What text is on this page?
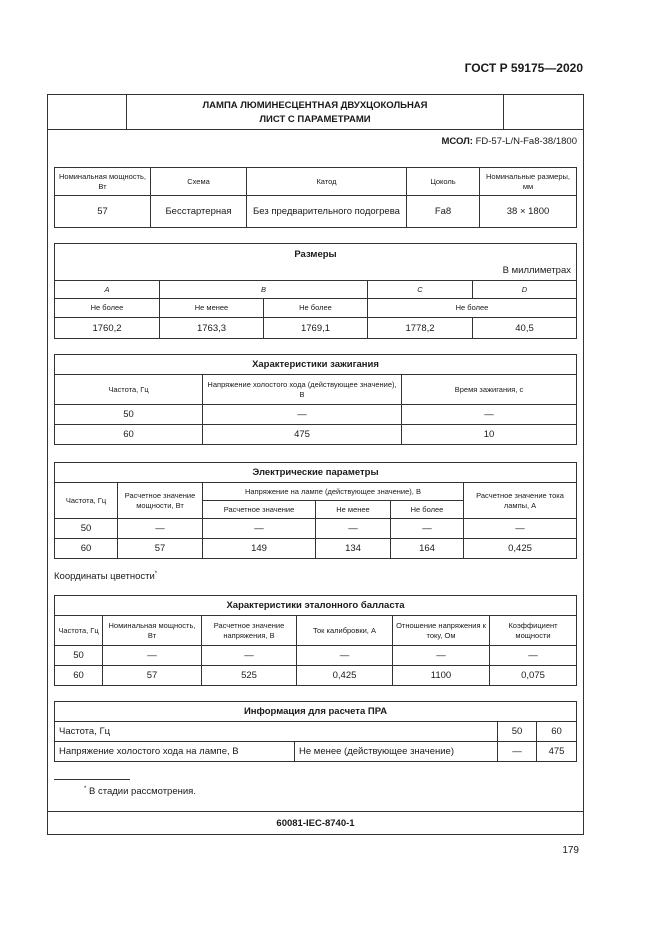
ГОСТ Р 59175—2020
ЛАМПА ЛЮМИНЕСЦЕНТНАЯ ДВУХЦОКОЛЬНАЯ
ЛИСТ С ПАРАМЕТРАМИ
МСОЛ: FD-57-L/N-Fa8-38/1800
Номинальная мощность, Вт	Схема	Катод	Цоколь	Номинальные размеры, мм
57	Бесстартерная	Без предварительного подогрева	Fa8	38 × 1800
Размеры
В миллиметрах				

A	B		C	D
Не более	Не менее	Не более	Не более	
1760,2	1763,3	1769,1	1778,2	40,5
Характеристики зажигания		
Частота, Гц	Напряжение холостого хода (действующее значение), В	Время зажигания, с
50	—	—
60	475	10
Электрические параметры					
Частота, Гц	Расчетное значение мощности, Вт	Напряжение на лампе (действующее значение), В			Расчетное значение тока лампы, А
		Расчетное значение	Не менее	Не более	
50	—	—	—	—	—
60	57	149	134	164	0,425
Координаты цветности*
Характеристики эталонного балласта					
Частота, Гц	Номинальная мощность, Вт	Расчетное значение напряжения, В	Ток калибровки, А	Отношение напряжения к току, Ом	Коэффициент мощности
50	—	—	—	—	—
60	57	525	0,425	1100	0,075
Информация для расчета ПРА			
Частота, Гц		50	60
Напряжение холостого хода на лампе, В	Не менее (действующее значение)	—	475
* В стадии рассмотрения.
60081-IEC-8740-1
179
